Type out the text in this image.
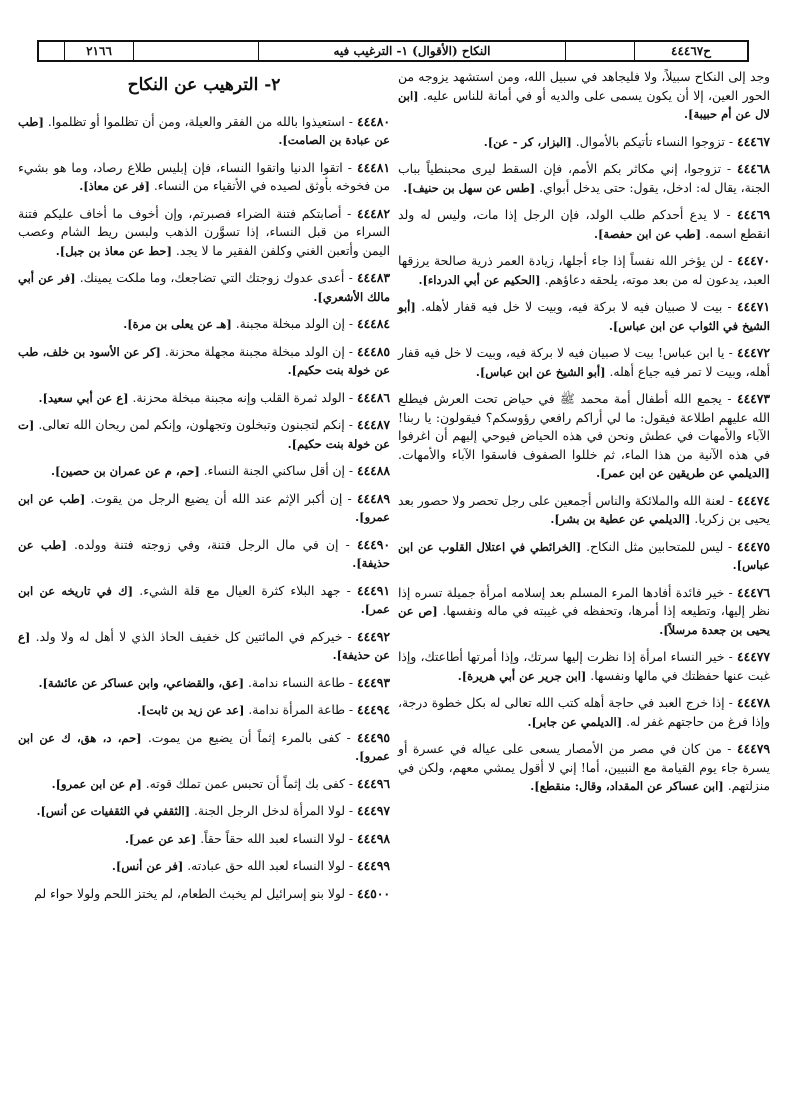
ح٤٤٤٦٧
النكاح (الأقوال) ١- الترغيب فيه
٢١٦٦

وجد إلى النكاح سبيلاً، ولا فليجاهد في سبيل الله، ومن استشهد يزوجه من الحور العين، إلا أن يكون يسمى على والديه أو في أمانة للناس عليه. [ابن لال عن أم حبيبة].

٤٤٤٦٧ - تزوجوا النساء تأتيكم بالأموال. [البزار، كر - عن].

٤٤٤٦٨ - تزوجوا، إني مكاثر بكم الأمم، فإن السقط ليرى محبنطياً بباب الجنة، يقال له: ادخل، يقول: حتى يدخل أبواي. [طس عن سهل بن حنيف].

٤٤٤٦٩ - لا يدع أحدكم طلب الولد، فإن الرجل إذا مات، وليس له ولد انقطع اسمه. [طب عن ابن حفصة].

٤٤٤٧٠ - لن يؤخر الله نفساً إذا جاء أجلها، زيادة العمر ذرية صالحة يرزقها العبد، يدعون له من بعد موته، يلحقه دعاؤهم. [الحكيم عن أبي الدرداء].

٤٤٤٧١ - بيت لا صبيان فيه لا بركة فيه، وبيت لا خل فيه قفار لأهله. [أبو الشيخ في الثواب عن ابن عباس].

٤٤٤٧٢ - يا ابن عباس! بيت لا صبيان فيه لا بركة فيه، وبيت لا خل فيه قفار أهله، وبيت لا تمر فيه جياع أهله. [أبو الشيخ عن ابن عباس].

٤٤٤٧٣ - يجمع الله أطفال أمة محمد ﷺ في حياض تحت العرش فيطلع الله عليهم اطلاعة فيقول: ما لي أراكم رافعي رؤوسكم؟ فيقولون: يا ربنا! الآباء والأمهات في عطش ونحن في هذه الحياض فيوحي إليهم أن اغرفوا في هذه الآنية من هذا الماء، ثم خللوا الصفوف فاسقوا الآباء والأمهات. [الديلمي عن طريقين عن ابن عمر].

٤٤٤٧٤ - لعنة الله والملائكة والناس أجمعين على رجل تحصر ولا حصور بعد يحيى بن زكريا. [الديلمي عن عطية بن بشر].

٤٤٤٧٥ - ليس للمتحابين مثل النكاح. [الخرائطي في اعتلال القلوب عن ابن عباس].

٤٤٤٧٦ - خير فائدة أفادها المرء المسلم بعد إسلامه امرأة جميلة تسره إذا نظر إليها، وتطيعه إذا أمرها، وتحفظه في غيبته في ماله ونفسها. [ص عن يحيى بن جعدة مرسلاً].

٤٤٤٧٧ - خير النساء امرأة إذا نظرت إليها سرتك، وإذا أمرتها أطاعتك، وإذا غبت عنها حفظتك في مالها ونفسها. [ابن جرير عن أبي هريرة].

٤٤٤٧٨ - إذا خرج العبد في حاجة أهله كتب الله تعالى له بكل خطوة درجة، وإذا فرغ من حاجتهم غفر له. [الديلمي عن جابر].

٤٤٤٧٩ - من كان في مصر من الأمصار يسعى على عياله في عسرة أو يسرة جاء يوم القيامة مع النبيين، أما! إني لا أقول يمشي معهم، ولكن في منزلتهم. [ابن عساكر عن المقداد، وقال: منقطع].

٢- الترهيب عن النكاح

٤٤٤٨٠ - استعيذوا بالله من الفقر والعيلة، ومن أن تظلموا أو تظلموا. [طب عن عبادة بن الصامت].

٤٤٤٨١ - اتقوا الدنيا واتقوا النساء، فإن إبليس طلاع رصاد، وما هو بشيء من فخوخه بأوثق لصيده في الأتقياء من النساء. [فر عن معاذ].

٤٤٤٨٢ - أصابتكم فتنة الضراء فصبرتم، وإن أخوف ما أخاف عليكم فتنة السراء من قبل النساء، إذا تسوَّرن الذهب ولبسن ريط الشام وعصب اليمن وأتعبن الغني وكلفن الفقير ما لا يجد. [حط عن معاذ بن جبل].

٤٤٤٨٣ - أعدى عدوك زوجتك التي تضاجعك، وما ملكت يمينك. [فر عن أبي مالك الأشعري].

٤٤٤٨٤ - إن الولد مبخلة مجبنة. [هـ عن يعلى بن مرة].

٤٤٤٨٥ - إن الولد مبخلة مجبنة مجهلة محزنة. [كر عن الأسود بن خلف، طب عن خولة بنت حكيم].

٤٤٤٨٦ - الولد ثمرة القلب وإنه مجبنة مبخلة محزنة. [ع عن أبي سعيد].

٤٤٤٨٧ - إنكم لتجبنون وتبخلون وتجهلون، وإنكم لمن ريحان الله تعالى. [ت عن خولة بنت حكيم].

٤٤٤٨٨ - إن أقل ساكني الجنة النساء. [حم، م عن عمران بن حصين].

٤٤٤٨٩ - إن أكبر الإثم عند الله أن يضيع الرجل من يقوت. [طب عن ابن عمرو].

٤٤٤٩٠ - إن في مال الرجل فتنة، وفي زوجته فتنة وولده. [طب عن حذيفة].

٤٤٤٩١ - جهد البلاء كثرة العيال مع قلة الشيء. [ك في تاريخه عن ابن عمر].

٤٤٤٩٢ - خيركم في المائتين كل خفيف الحاذ الذي لا أهل له ولا ولد. [ع عن حذيفة].

٤٤٤٩٣ - طاعة النساء ندامة. [عق، والقضاعي، وابن عساكر عن عائشة].

٤٤٤٩٤ - طاعة المرأة ندامة. [عد عن زيد بن ثابت].

٤٤٤٩٥ - كفى بالمرء إثماً أن يضيع من يموت. [حم، د، هق، ك عن ابن عمرو].

٤٤٤٩٦ - كفى بك إثماً أن تحبس عمن تملك قوته. [م عن ابن عمرو].

٤٤٤٩٧ - لولا المرأة لدخل الرجل الجنة. [الثقفي في الثقفيات عن أنس].

٤٤٤٩٨ - لولا النساء لعبد الله حقاً حقاً. [عد عن عمر].

٤٤٤٩٩ - لولا النساء لعبد الله حق عبادته. [فر عن أنس].

٤٤٥٠٠ - لولا بنو إسرائيل لم يخبث الطعام، لم يختز اللحم ولولا حواء لم
